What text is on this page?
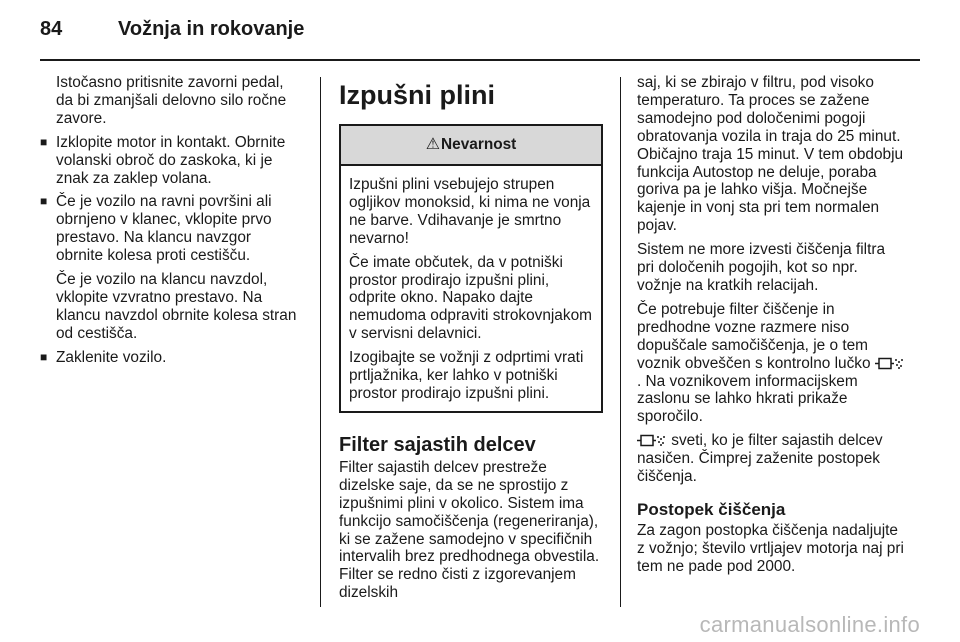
84	Vožnja in rokovanje

Istočasno pritisnite zavorni pedal, da bi zmanjšali delovno silo ročne zavore.

■ Izklopite motor in kontakt. Obrnite volanski obroč do zaskoka, ki je znak za zaklep volana.
■ Če je vozilo na ravni površini ali obrnjeno v klanec, vklopite prvo prestavo. Na klancu navzgor obrnite kolesa proti cestišču.

Če je vozilo na klancu navzdol, vklopite vzvratno prestavo. Na klancu navzdol obrnite kolesa stran od cestišča.

■ Zaklenite vozilo.
Izpušni plini
⚠ Nevarnost

Izpušni plini vsebujejo strupen ogljikov monoksid, ki nima ne vonja ne barve. Vdihavanje je smrtno nevarno!

Če imate občutek, da v potniški prostor prodirajo izpušni plini, odprite okno. Napako dajte nemudoma odpraviti strokovnjakom v servisni delavnici.

Izogibajte se vožnji z odprtimi vrati prtljažnika, ker lahko v potniški prostor prodirajo izpušni plini.

Filter sajastih delcev

Filter sajastih delcev prestreže dizelske saje, da se ne sprostijo z izpušnimi plini v okolico. Sistem ima funkcijo samočiščenja (regeneriranja), ki se zažene samodejno v specifičnih intervalih brez predhodnega obvestila. Filter se redno čisti z izgorevanjem dizelskih

saj, ki se zbirajo v filtru, pod visoko temperaturo. Ta proces se zažene samodejno pod določenimi pogoji obratovanja vozila in traja do 25 minut. Običajno traja 15 minut. V tem obdobju funkcija Autostop ne deluje, poraba goriva pa je lahko višja. Močnejše kajenje in vonj sta pri tem normalen pojav.

Sistem ne more izvesti čiščenja filtra pri določenih pogojih, kot so npr. vožnje na kratkih relacijah.

Če potrebuje filter čiščenje in predhodne vozne razmere niso dopuščale samočiščenja, je o tem voznik obveščen s kontrolno lučko . Na voznikovem informacijskem zaslonu se lahko hkrati prikaže sporočilo.

sveti, ko je filter sajastih delcev nasičen. Čimprej zaženite postopek čiščenja.

Postopek čiščenja

Za zagon postopka čiščenja nadaljujte z vožnjo; število vrtljajev motorja naj pri tem ne pade pod 2000.

carmanualsonline.info
